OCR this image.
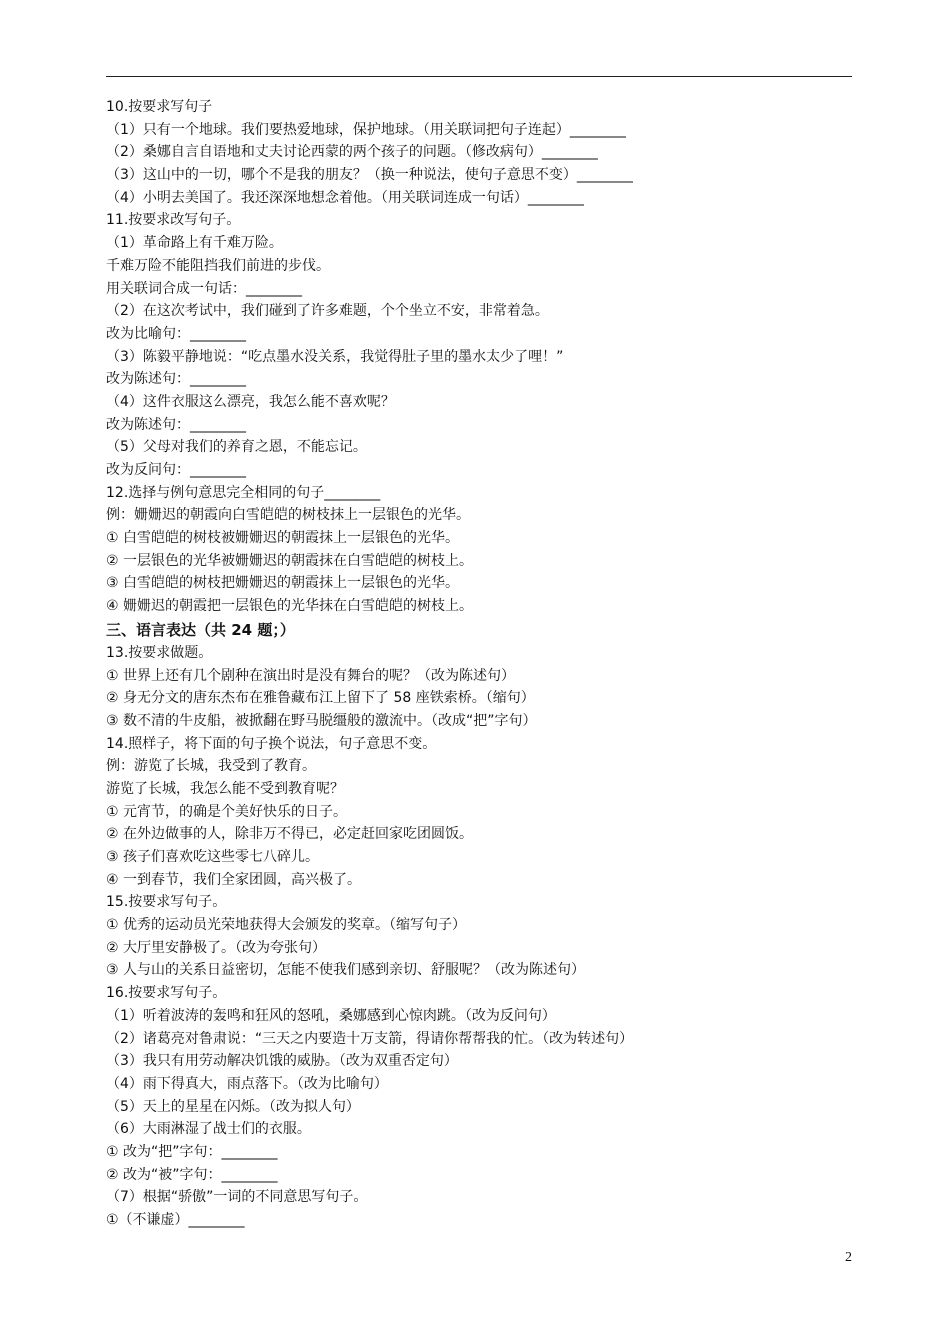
10.按要求写句子
（1）只有一个地球。我们要热爱地球，保护地球。（用关联词把句子连起）________
（2）桑娜自言自语地和丈夫讨论西蒙的两个孩子的问题。（修改病句）________
（3）这山中的一切，哪个不是我的朋友？（换一种说法，使句子意思不变）________
（4）小明去美国了。我还深深地想念着他。（用关联词连成一句话）________
11.按要求改写句子。
（1）革命路上有千难万险。
千难万险不能阻挡我们前进的步伐。
用关联词合成一句话：________
（2）在这次考试中，我们碰到了许多难题，个个坐立不安，非常着急。
改为比喻句：________
（3）陈毅平静地说：“吃点墨水没关系，我觉得肚子里的墨水太少了哩！”
改为陈述句：________
（4）这件衣服这么漂亮，我怎么能不喜欢呢？
改为陈述句：________
（5）父母对我们的养育之恩，不能忘记。
改为反问句：________
12.选择与例句意思完全相同的句子________
例：姗姗迟的朝霞向白雪皑皑的树枝抹上一层银色的光华。
① 白雪皑皑的树枝被姗姗迟的朝霞抹上一层银色的光华。
② 一层银色的光华被姗姗迟的朝霞抹在白雪皑皑的树枝上。
③ 白雪皑皑的树枝把姗姗迟的朝霞抹上一层银色的光华。
④ 姗姗迟的朝霞把一层银色的光华抹在白雪皑皑的树枝上。
三、语言表达（共 24 题；）
13.按要求做题。
① 世界上还有几个剧种在演出时是没有舞台的呢？（改为陈述句）
② 身无分文的唐东杰布在雅鲁藏布江上留下了 58 座铁索桥。（缩句）
③ 数不清的牛皮船，被掀翻在野马脱缰般的激流中。（改成“把”字句）
14.照样子，将下面的句子换个说法，句子意思不变。
例：游览了长城，我受到了教育。
游览了长城，我怎么能不受到教育呢？
① 元宵节，的确是个美好快乐的日子。
② 在外边做事的人，除非万不得已，必定赶回家吃团圆饭。
③ 孩子们喜欢吃这些零七八碎儿。
④ 一到春节，我们全家团圆，高兴极了。
15.按要求写句子。
① 优秀的运动员光荣地获得大会颁发的奖章。（缩写句子）
② 大厅里安静极了。（改为夸张句）
③ 人与山的关系日益密切，怎能不使我们感到亲切、舒服呢？（改为陈述句）
16.按要求写句子。
（1）听着波涛的轰鸣和狂风的怒吼，桑娜感到心惊肉跳。（改为反问句）
（2）诸葛亮对鲁肃说：“三天之内要造十万支箭，得请你帮帮我的忙。（改为转述句）
（3）我只有用劳动解决饥饿的威胁。（改为双重否定句）
（4）雨下得真大，雨点落下。（改为比喻句）
（5）天上的星星在闪烁。（改为拟人句）
（6）大雨淋湿了战士们的衣服。
① 改为“把”字句：________
② 改为“被”字句：________
（7）根据“骄傲”一词的不同意思写句子。
①（不谦虚）________
2
